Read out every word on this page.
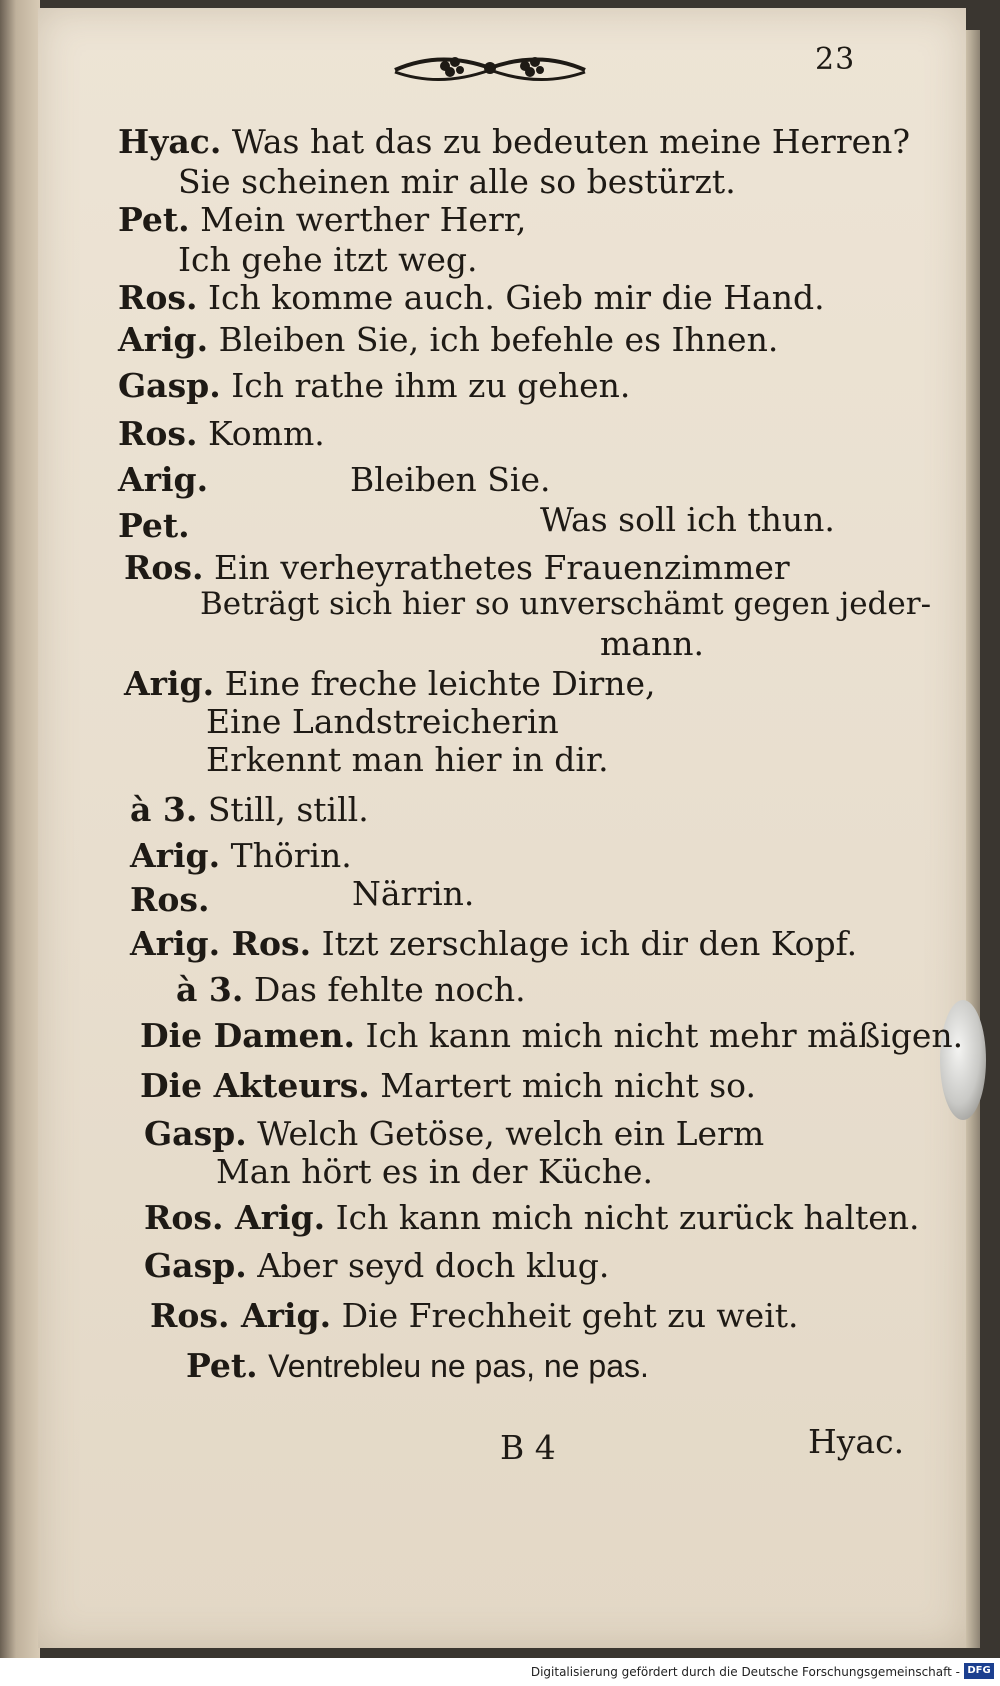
23
Hyac. Was hat das zu bedeuten meine Herren?
Sie scheinen mir alle so bestürzt.
Pet. Mein werther Herr,
Ich gehe itzt weg.
Ros. Ich komme auch. Gieb mir die Hand.
Arig. Bleiben Sie, ich befehle es Ihnen.
Gasp. Ich rathe ihm zu gehen.
Ros. Komm.
Arig.	Bleiben Sie.
Pet.	Was soll ich thun.
Ros. Ein verheyrathetes Frauenzimmer
Beträgt sich hier so unverschämt gegen jeder-
mann.
Arig. Eine freche leichte Dirne,
Eine Landstreicherin
Erkennt man hier in dir.
à 3. Still, still.
Arig. Thörin.
Ros.	Närrin.
Arig. Ros. Itzt zerschlage ich dir den Kopf.
à 3. Das fehlte noch.
Die Damen. Ich kann mich nicht mehr mäßigen.
Die Akteurs. Martert mich nicht so.
Gasp. Welch Getöse, welch ein Lerm
Man hört es in der Küche.
Ros. Arig. Ich kann mich nicht zurück halten.
Gasp. Aber seyd doch klug.
Ros. Arig. Die Frechheit geht zu weit.
Pet. Ventrebleu ne pas, ne pas.
B 4	Hyac.
Digitalisierung gefördert durch die Deutsche Forschungsgemeinschaft - DFG
